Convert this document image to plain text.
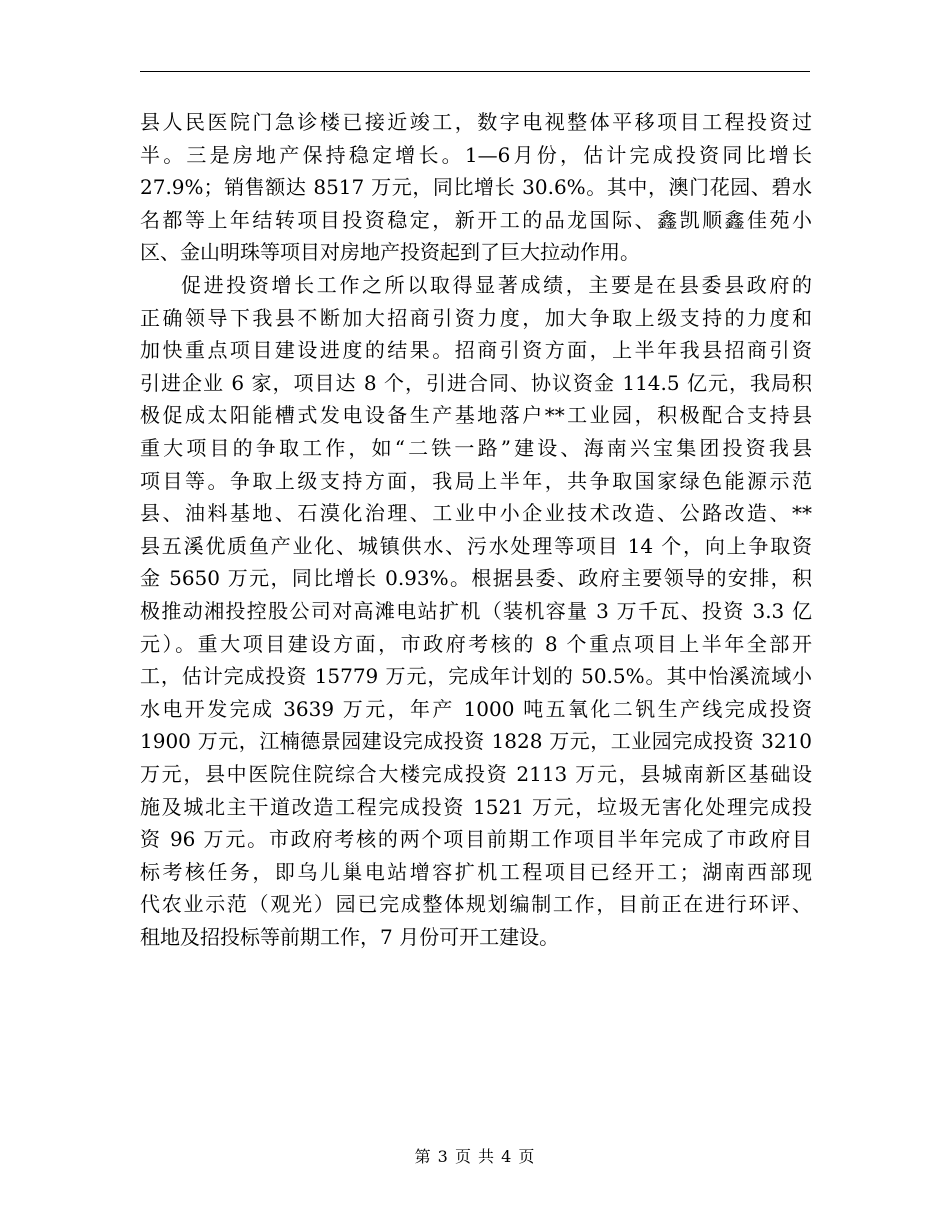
县人民医院门急诊楼已接近竣工，数字电视整体平移项目工程投资过
半。三是房地产保持稳定增长。1—6月份，估计完成投资同比增长
27.9%；销售额达 8517 万元，同比增长 30.6%。其中，澳门花园、碧水
名都等上年结转项目投资稳定，新开工的品龙国际、鑫凯顺鑫佳苑小
区、金山明珠等项目对房地产投资起到了巨大拉动作用。
促进投资增长工作之所以取得显著成绩，主要是在县委县政府的
正确领导下我县不断加大招商引资力度，加大争取上级支持的力度和
加快重点项目建设进度的结果。招商引资方面，上半年我县招商引资
引进企业 6 家，项目达 8 个，引进合同、协议资金 114.5 亿元，我局积
极促成太阳能槽式发电设备生产基地落户**工业园，积极配合支持县
重大项目的争取工作，如“二铁一路”建设、海南兴宝集团投资我县
项目等。争取上级支持方面，我局上半年，共争取国家绿色能源示范
县、油料基地、石漠化治理、工业中小企业技术改造、公路改造、**
县五溪优质鱼产业化、城镇供水、污水处理等项目 14 个，向上争取资
金 5650 万元，同比增长 0.93%。根据县委、政府主要领导的安排，积
极推动湘投控股公司对高滩电站扩机（装机容量 3 万千瓦、投资 3.3 亿
元）。重大项目建设方面，市政府考核的 8 个重点项目上半年全部开
工，估计完成投资 15779 万元，完成年计划的 50.5%。其中怡溪流域小
水电开发完成 3639 万元，年产 1000 吨五氧化二钒生产线完成投资
1900 万元，江楠德景园建设完成投资 1828 万元，工业园完成投资 3210
万元，县中医院住院综合大楼完成投资 2113 万元，县城南新区基础设
施及城北主干道改造工程完成投资 1521 万元，垃圾无害化处理完成投
资 96 万元。市政府考核的两个项目前期工作项目半年完成了市政府目
标考核任务，即乌儿巢电站增容扩机工程项目已经开工；湖南西部现
代农业示范（观光）园已完成整体规划编制工作，目前正在进行环评、
租地及招投标等前期工作，7 月份可开工建设。
第 3 页 共 4 页
